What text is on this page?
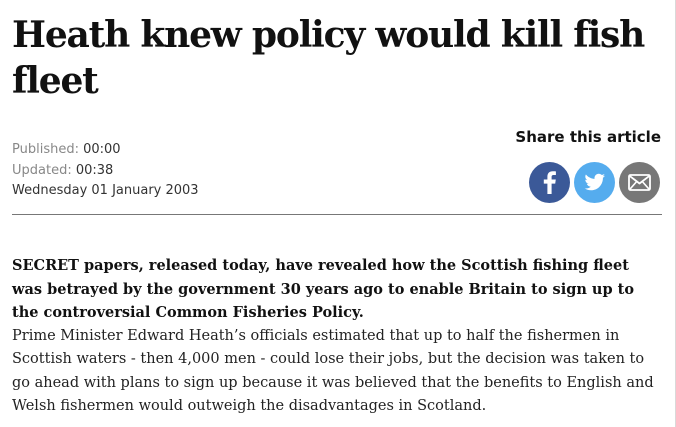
Heath knew policy would kill fish fleet
Published: 00:00
Updated: 00:38
Wednesday 01 January 2003
Share this article

SECRET papers, released today, have revealed how the Scottish fishing fleet was betrayed by the government 30 years ago to enable Britain to sign up to the controversial Common Fisheries Policy.

Prime Minister Edward Heath’s officials estimated that up to half the fishermen in Scottish waters - then 4,000 men - could lose their jobs, but the decision was taken to go ahead with plans to sign up because it was believed that the benefits to English and Welsh fishermen would outweigh the disadvantages in Scotland.
